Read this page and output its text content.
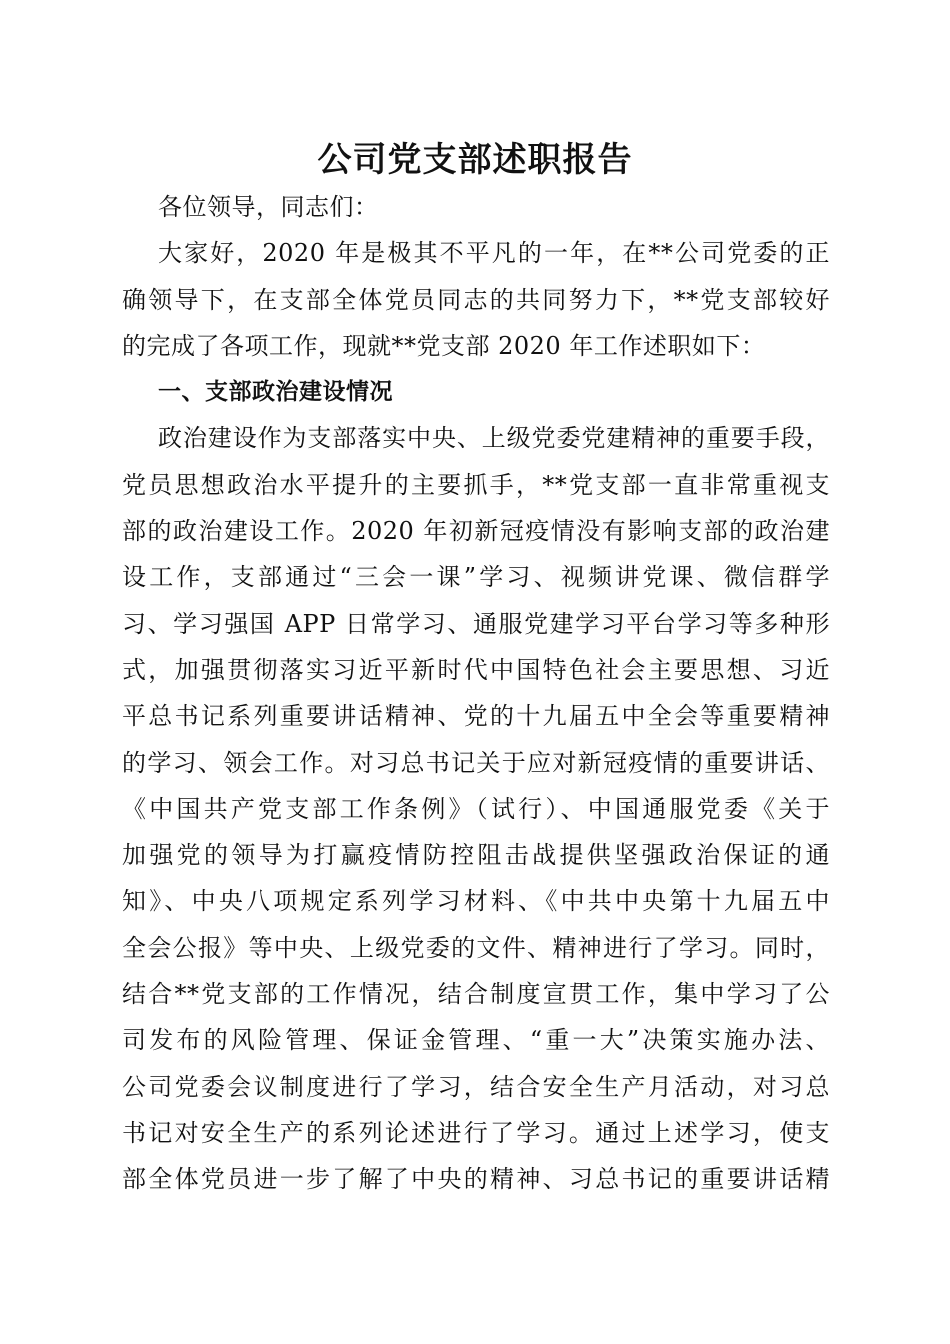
公司党支部述职报告
各位领导，同志们：
大家好，2020 年是极其不平凡的一年，在**公司党委的正
确领导下，在支部全体党员同志的共同努力下，**党支部较好
的完成了各项工作，现就**党支部 2020 年工作述职如下：
一、支部政治建设情况
政治建设作为支部落实中央、上级党委党建精神的重要手段，
党员思想政治水平提升的主要抓手，**党支部一直非常重视支
部的政治建设工作。2020 年初新冠疫情没有影响支部的政治建
设工作，支部通过“三会一课”学习、视频讲党课、微信群学
习、学习强国 APP 日常学习、通服党建学习平台学习等多种形
式，加强贯彻落实习近平新时代中国特色社会主要思想、习近
平总书记系列重要讲话精神、党的十九届五中全会等重要精神
的学习、领会工作。对习总书记关于应对新冠疫情的重要讲话、
《中国共产党支部工作条例》（试行）、中国通服党委《关于
加强党的领导为打赢疫情防控阻击战提供坚强政治保证的通
知》、中央八项规定系列学习材料、《中共中央第十九届五中
全会公报》等中央、上级党委的文件、精神进行了学习。同时，
结合**党支部的工作情况，结合制度宣贯工作，集中学习了公
司发布的风险管理、保证金管理、“重一大”决策实施办法、
公司党委会议制度进行了学习，结合安全生产月活动，对习总
书记对安全生产的系列论述进行了学习。通过上述学习，使支
部全体党员进一步了解了中央的精神、习总书记的重要讲话精
